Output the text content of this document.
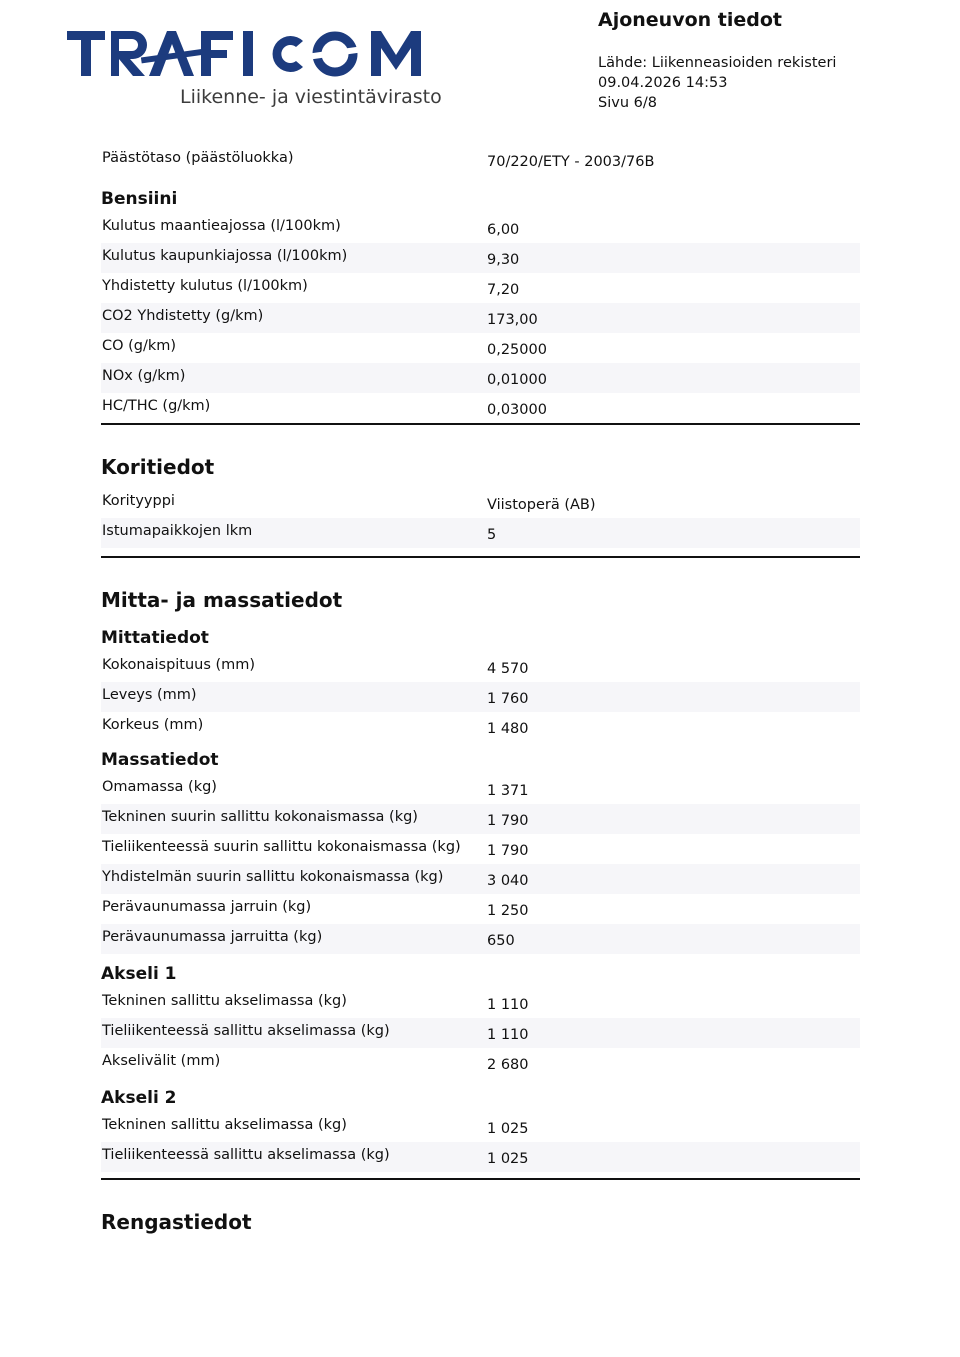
Liikenne- ja viestintävirasto
Ajoneuvon tiedot
Lähde: Liikenneasioiden rekisteri
09.04.2026 14:53
Sivu 6/8
Päästötaso (päästöluokka)	70/220/ETY - 2003/76B
Bensiini
Kulutus maantieajossa (l/100km)	6,00
Kulutus kaupunkiajossa (l/100km)	9,30
Yhdistetty kulutus (l/100km)	7,20
CO2 Yhdistetty (g/km)	173,00
CO (g/km)	0,25000
NOx (g/km)	0,01000
HC/THC (g/km)	0,03000
Koritiedot
Korityyppi	Viistoperä (AB)
Istumapaikkojen lkm	5
Mitta- ja massatiedot
Mittatiedot
Kokonaispituus (mm)	4 570
Leveys (mm)	1 760
Korkeus (mm)	1 480
Massatiedot
Omamassa (kg)	1 371
Tekninen suurin sallittu kokonaismassa (kg)	1 790
Tieliikenteessä suurin sallittu kokonaismassa (kg) 1 790
Yhdistelmän suurin sallittu kokonaismassa (kg)	3 040
Perävaunumassa jarruin (kg)	1 250
Perävaunumassa jarruitta (kg)	650
Akseli 1
Tekninen sallittu akselimassa (kg)	1 110
Tieliikenteessä sallittu akselimassa (kg)	1 110
Akselivälit (mm)	2 680
Akseli 2
Tekninen sallittu akselimassa (kg)	1 025
Tieliikenteessä sallittu akselimassa (kg)	1 025
Rengastiedot
